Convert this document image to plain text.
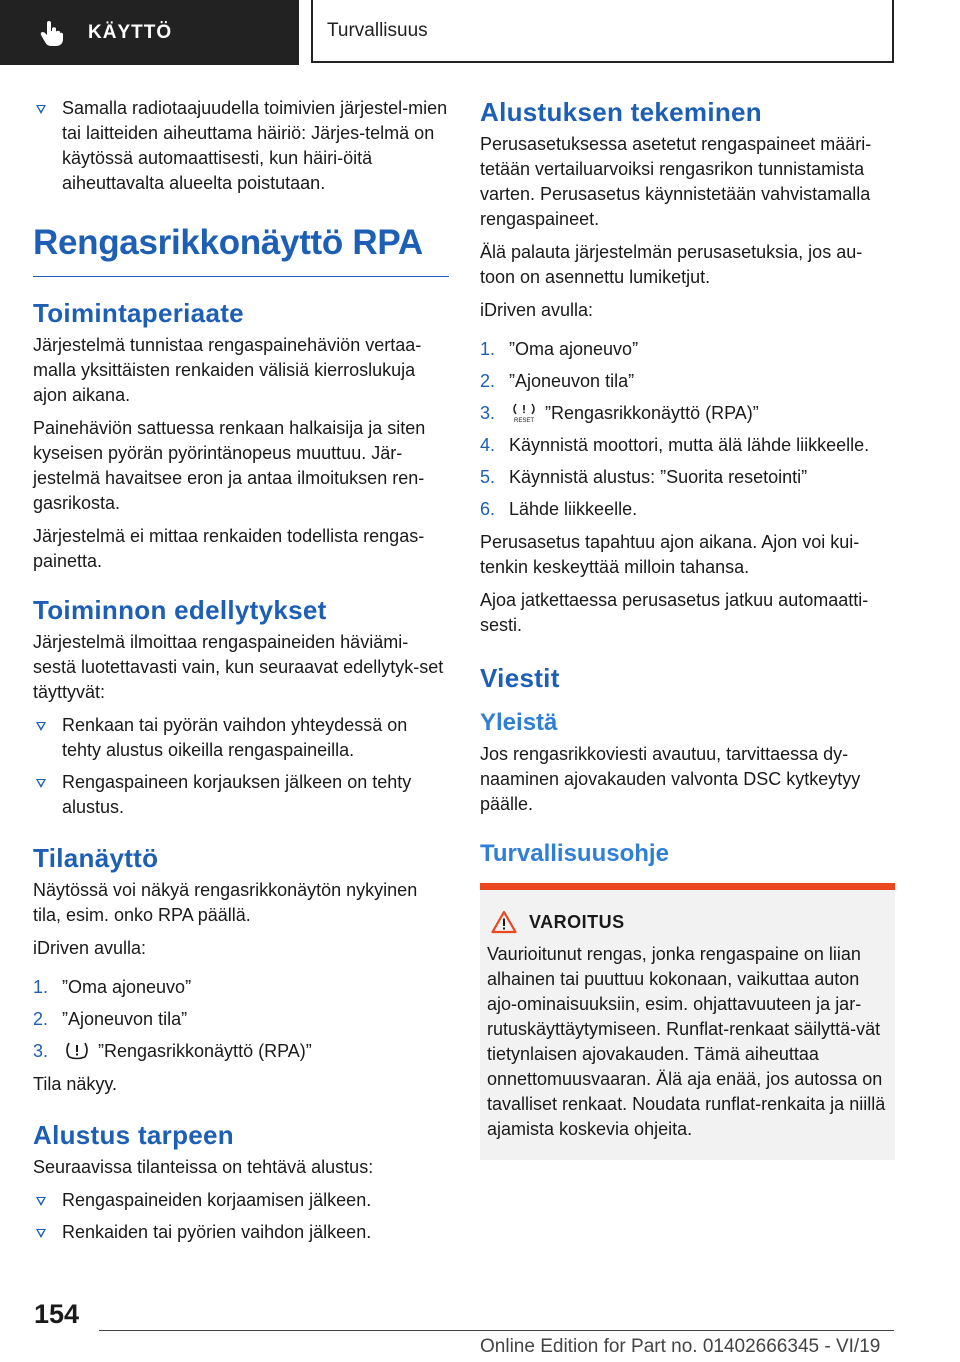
KÄYTTÖ	Turvallisuus
Samalla radiotaajuudella toimivien järjestel-mien tai laitteiden aiheuttama häiriö: Järjes-telmä on käytössä automaattisesti, kun häiri-öitä aiheuttavalta alueelta poistutaan.
Rengasrikkonäyttö RPA
Toimintaperiaate

Järjestelmä tunnistaa rengaspainehäviön vertaa-malla yksittäisten renkaiden välisiä kierroslukuja ajon aikana.

Painehäviön sattuessa renkaan halkaisija ja siten kyseisen pyörän pyörintänopeus muuttuu. Jär-jestelmä havaitsee eron ja antaa ilmoituksen ren-gasrikosta.

Järjestelmä ei mittaa renkaiden todellista rengas-painetta.

Toiminnon edellytykset

Järjestelmä ilmoittaa rengaspaineiden häviämi-sestä luotettavasti vain, kun seuraavat edellytyk-set täyttyvät:

Renkaan tai pyörän vaihdon yhteydessä on tehty alustus oikeilla rengaspaineilla.
Rengaspaineen korjauksen jälkeen on tehty alustus.
Tilanäyttö

Näytössä voi näkyä rengasrikkonäytön nykyinen tila, esim. onko RPA päällä.

iDriven avulla:

1. ”Oma ajoneuvo”
2. ”Ajoneuvon tila”
3.	”Rengasrikkonäyttö (RPA)”

Tila näkyy.

Alustus tarpeen

Seuraavissa tilanteissa on tehtävä alustus:

Rengaspaineiden korjaamisen jälkeen.
Renkaiden tai pyörien vaihdon jälkeen.
Alustuksen tekeminen

Perusasetuksessa asetetut rengaspaineet määri-tetään vertailuarvoiksi rengasrikon tunnistamista varten. Perusasetus käynnistetään vahvistamalla rengaspaineet.

Älä palauta järjestelmän perusasetuksia, jos au-toon on asennettu lumiketjut.

iDriven avulla:

1. ”Oma ajoneuvo”
2. ”Ajoneuvon tila”
3.	RESET ”Rengasrikkonäyttö (RPA)”
4. Käynnistä moottori, mutta älä lähde liikkeelle.
5. Käynnistä alustus: ”Suorita resetointi”
6. Lähde liikkeelle.

Perusasetus tapahtuu ajon aikana. Ajon voi kui-tenkin keskeyttää milloin tahansa.

Ajoa jatkettaessa perusasetus jatkuu automaatti-sesti.

Viestit
Yleistä

Jos rengasrikkoviesti avautuu, tarvittaessa dy-naaminen ajovakauden valvonta DSC kytkeytyy päälle.

Turvallisuusohje
VAROITUS

Vaurioitunut rengas, jonka rengaspaine on liian alhainen tai puuttuu kokonaan, vaikuttaa auton ajo-ominaisuuksiin, esim. ohjattavuuteen ja jar-rutuskäyttäytymiseen. Runflat-renkaat säilyttä-vät tietynlaisen ajovakauden. Tämä aiheuttaa onnettomuusvaaran. Älä aja enää, jos autossa on tavalliset renkaat. Noudata runflat-renkaita ja niillä ajamista koskevia ohjeita.

154
Online Edition for Part no. 01402666345 - VI/19
